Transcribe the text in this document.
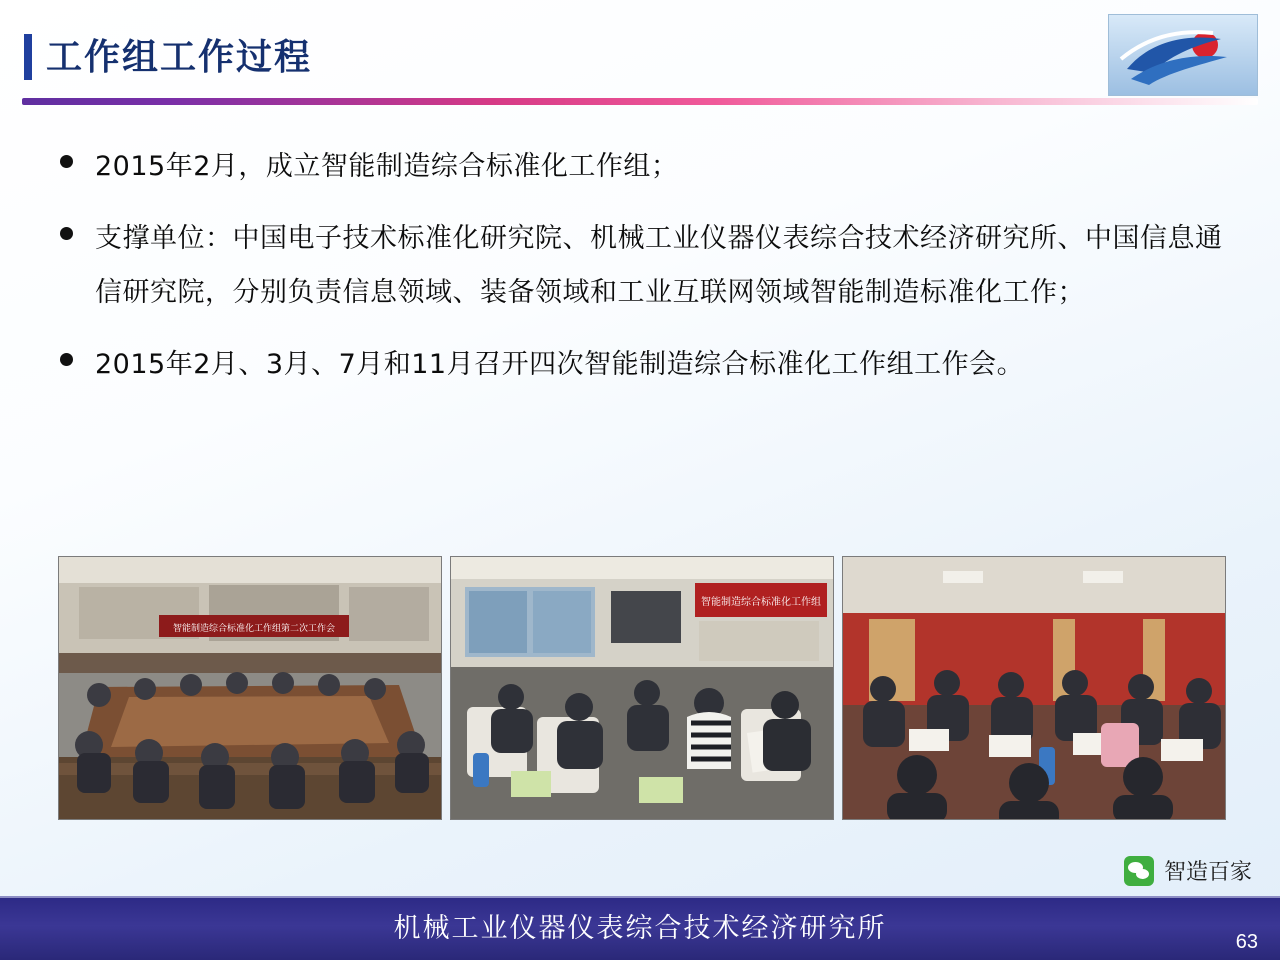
工作组工作过程
2015年2月，成立智能制造综合标准化工作组；
支撑单位：中国电子技术标准化研究院、机械工业仪器仪表综合技术经济研究所、中国信息通信研究院，分别负责信息领域、装备领域和工业互联网领域智能制造标准化工作；
2015年2月、3月、7月和11月召开四次智能制造综合标准化工作组工作会。
智能制造综合标准化工作组第二次工作会
智能制造综合标准化工作组
智造百家
机械工业仪器仪表综合技术经济研究所	63
